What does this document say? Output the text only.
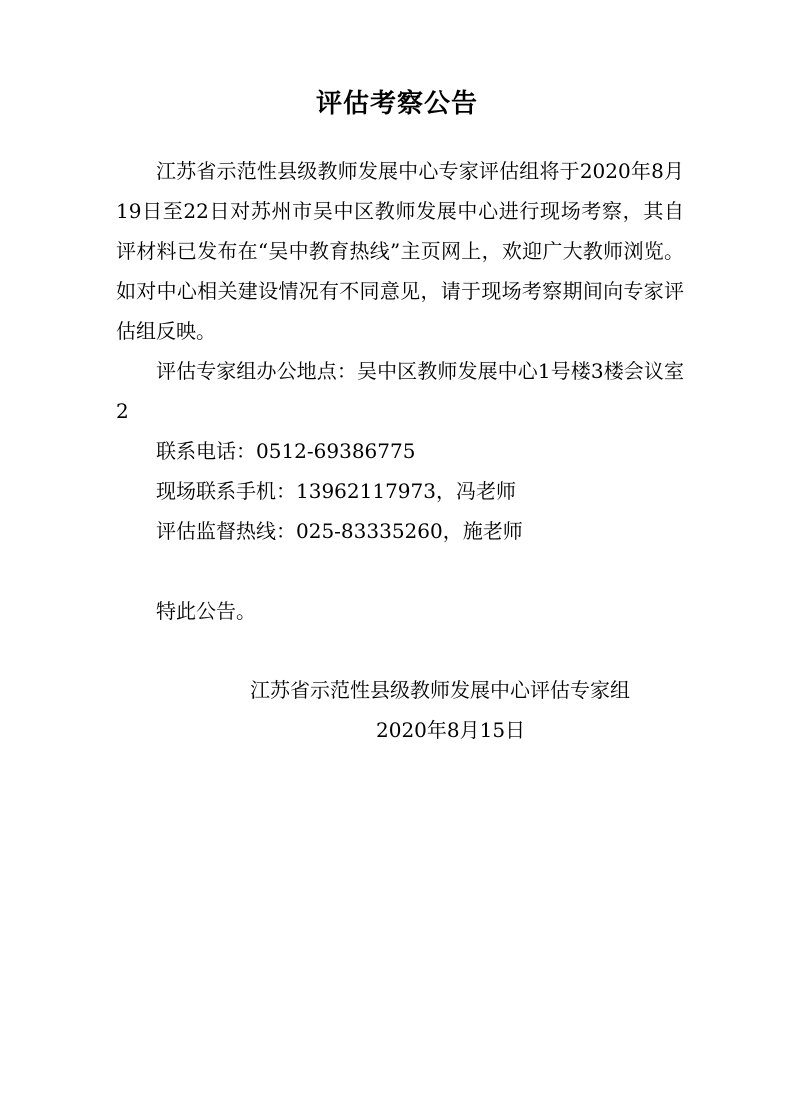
评估考察公告

江苏省示范性县级教师发展中心专家评估组将于2020年8月19日至22日对苏州市吴中区教师发展中心进行现场考察，其自评材料已发布在“吴中教育热线”主页网上，欢迎广大教师浏览。如对中心相关建设情况有不同意见，请于现场考察期间向专家评估组反映。

评估专家组办公地点：吴中区教师发展中心1号楼3楼会议室2

联系电话：0512-69386775

现场联系手机：13962117973，冯老师

评估监督热线：025-83335260，施老师

特此公告。

江苏省示范性县级教师发展中心评估专家组
2020年8月15日
